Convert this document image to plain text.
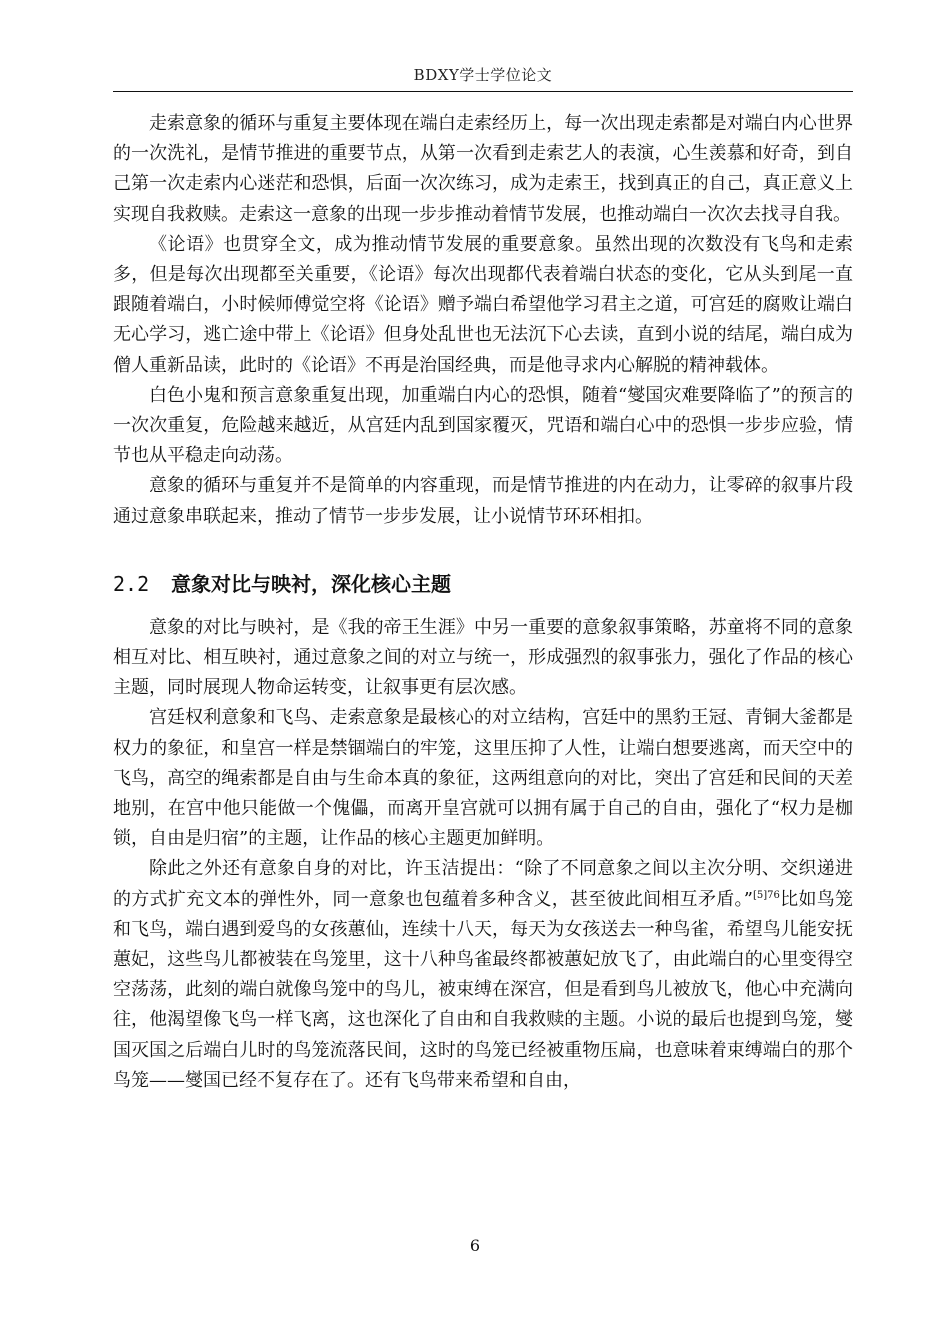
BDXY学士学位论文

走索意象的循环与重复主要体现在端白走索经历上，每一次出现走索都是对端白内心世界的一次洗礼，是情节推进的重要节点，从第一次看到走索艺人的表演，心生羡慕和好奇，到自己第一次走索内心迷茫和恐惧，后面一次次练习，成为走索王，找到真正的自己，真正意义上实现自我救赎。走索这一意象的出现一步步推动着情节发展，也推动端白一次次去找寻自我。

《论语》也贯穿全文，成为推动情节发展的重要意象。虽然出现的次数没有飞鸟和走索多，但是每次出现都至关重要，《论语》每次出现都代表着端白状态的变化，它从头到尾一直跟随着端白，小时候师傅觉空将《论语》赠予端白希望他学习君主之道，可宫廷的腐败让端白无心学习，逃亡途中带上《论语》但身处乱世也无法沉下心去读，直到小说的结尾，端白成为僧人重新品读，此时的《论语》不再是治国经典，而是他寻求内心解脱的精神载体。

白色小鬼和预言意象重复出现，加重端白内心的恐惧，随着“燮国灾难要降临了”的预言的一次次重复，危险越来越近，从宫廷内乱到国家覆灭，咒语和端白心中的恐惧一步步应验，情节也从平稳走向动荡。

意象的循环与重复并不是简单的内容重现，而是情节推进的内在动力，让零碎的叙事片段通过意象串联起来，推动了情节一步步发展，让小说情节环环相扣。

2.2 意象对比与映衬，深化核心主题

意象的对比与映衬，是《我的帝王生涯》中另一重要的意象叙事策略，苏童将不同的意象相互对比、相互映衬，通过意象之间的对立与统一，形成强烈的叙事张力，强化了作品的核心主题，同时展现人物命运转变，让叙事更有层次感。

宫廷权利意象和飞鸟、走索意象是最核心的对立结构，宫廷中的黑豹王冠、青铜大釜都是权力的象征，和皇宫一样是禁锢端白的牢笼，这里压抑了人性，让端白想要逃离，而天空中的飞鸟，高空的绳索都是自由与生命本真的象征，这两组意向的对比，突出了宫廷和民间的天差地别，在宫中他只能做一个傀儡，而离开皇宫就可以拥有属于自己的自由，强化了“权力是枷锁，自由是归宿”的主题，让作品的核心主题更加鲜明。

除此之外还有意象自身的对比，许玉洁提出：“除了不同意象之间以主次分明、交织递进的方式扩充文本的弹性外，同一意象也包蕴着多种含义，甚至彼此间相互矛盾。”$^{[5]76}$比如鸟笼和飞鸟，端白遇到爱鸟的女孩蕙仙，连续十八天，每天为女孩送去一种鸟雀，希望鸟儿能安抚蕙妃，这些鸟儿都被装在鸟笼里，这十八种鸟雀最终都被蕙妃放飞了，由此端白的心里变得空空荡荡，此刻的端白就像鸟笼中的鸟儿，被束缚在深宫，但是看到鸟儿被放飞，他心中充满向往，他渴望像飞鸟一样飞离，这也深化了自由和自我救赎的主题。小说的最后也提到鸟笼，燮国灭国之后端白儿时的鸟笼流落民间，这时的鸟笼已经被重物压扁，也意味着束缚端白的那个鸟笼——燮国已经不复存在了。还有飞鸟带来希望和自由，

6
